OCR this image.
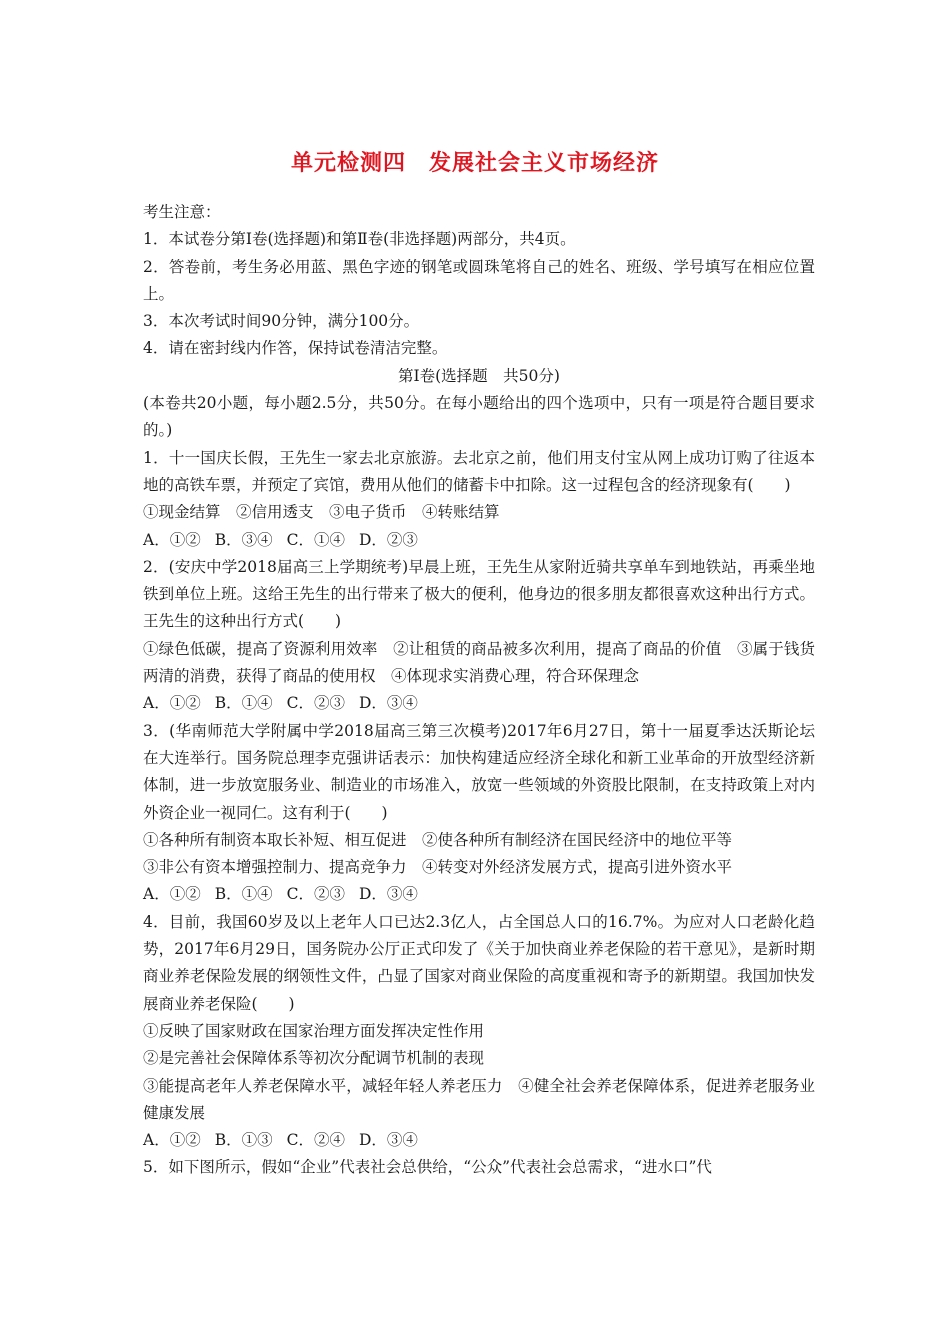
单元检测四　发展社会主义市场经济

考生注意：

1．本试卷分第Ⅰ卷(选择题)和第Ⅱ卷(非选择题)两部分，共4页。

2．答卷前，考生务必用蓝、黑色字迹的钢笔或圆珠笔将自己的姓名、班级、学号填写在相应位置上。

3．本次考试时间90分钟，满分100分。

4．请在密封线内作答，保持试卷清洁完整。

第Ⅰ卷(选择题　共50分)

(本卷共20小题，每小题2.5分，共50分。在每小题给出的四个选项中，只有一项是符合题目要求的。)

1．十一国庆长假，王先生一家去北京旅游。去北京之前，他们用支付宝从网上成功订购了往返本地的高铁车票，并预定了宾馆，费用从他们的储蓄卡中扣除。这一过程包含的经济现象有(　　)

①现金结算　②信用透支　③电子货币　④转账结算

A．①② B．③④ C．①④ D．②③

2．(安庆中学2018届高三上学期统考)早晨上班，王先生从家附近骑共享单车到地铁站，再乘坐地铁到单位上班。这给王先生的出行带来了极大的便利，他身边的很多朋友都很喜欢这种出行方式。王先生的这种出行方式(　　)

①绿色低碳，提高了资源利用效率　②让租赁的商品被多次利用，提高了商品的价值　③属于钱货两清的消费，获得了商品的使用权　④体现求实消费心理，符合环保理念

A．①② B．①④ C．②③ D．③④

3．(华南师范大学附属中学2018届高三第三次模考)2017年6月27日，第十一届夏季达沃斯论坛在大连举行。国务院总理李克强讲话表示：加快构建适应经济全球化和新工业革命的开放型经济新体制，进一步放宽服务业、制造业的市场准入，放宽一些领域的外资股比限制，在支持政策上对内外资企业一视同仁。这有利于(　　)

①各种所有制资本取长补短、相互促进　②使各种所有制经济在国民经济中的地位平等

③非公有资本增强控制力、提高竞争力　④转变对外经济发展方式，提高引进外资水平

A．①② B．①④ C．②③ D．③④

4．目前，我国60岁及以上老年人口已达2.3亿人，占全国总人口的16.7%。为应对人口老龄化趋势，2017年6月29日，国务院办公厅正式印发了《关于加快商业养老保险的若干意见》，是新时期商业养老保险发展的纲领性文件，凸显了国家对商业保险的高度重视和寄予的新期望。我国加快发展商业养老保险(　　)

①反映了国家财政在国家治理方面发挥决定性作用

②是完善社会保障体系等初次分配调节机制的表现

③能提高老年人养老保障水平，减轻年轻人养老压力　④健全社会养老保障体系，促进养老服务业健康发展

A．①② B．①③ C．②④ D．③④

5．如下图所示，假如“企业”代表社会总供给，“公众”代表社会总需求，“进水口”代
